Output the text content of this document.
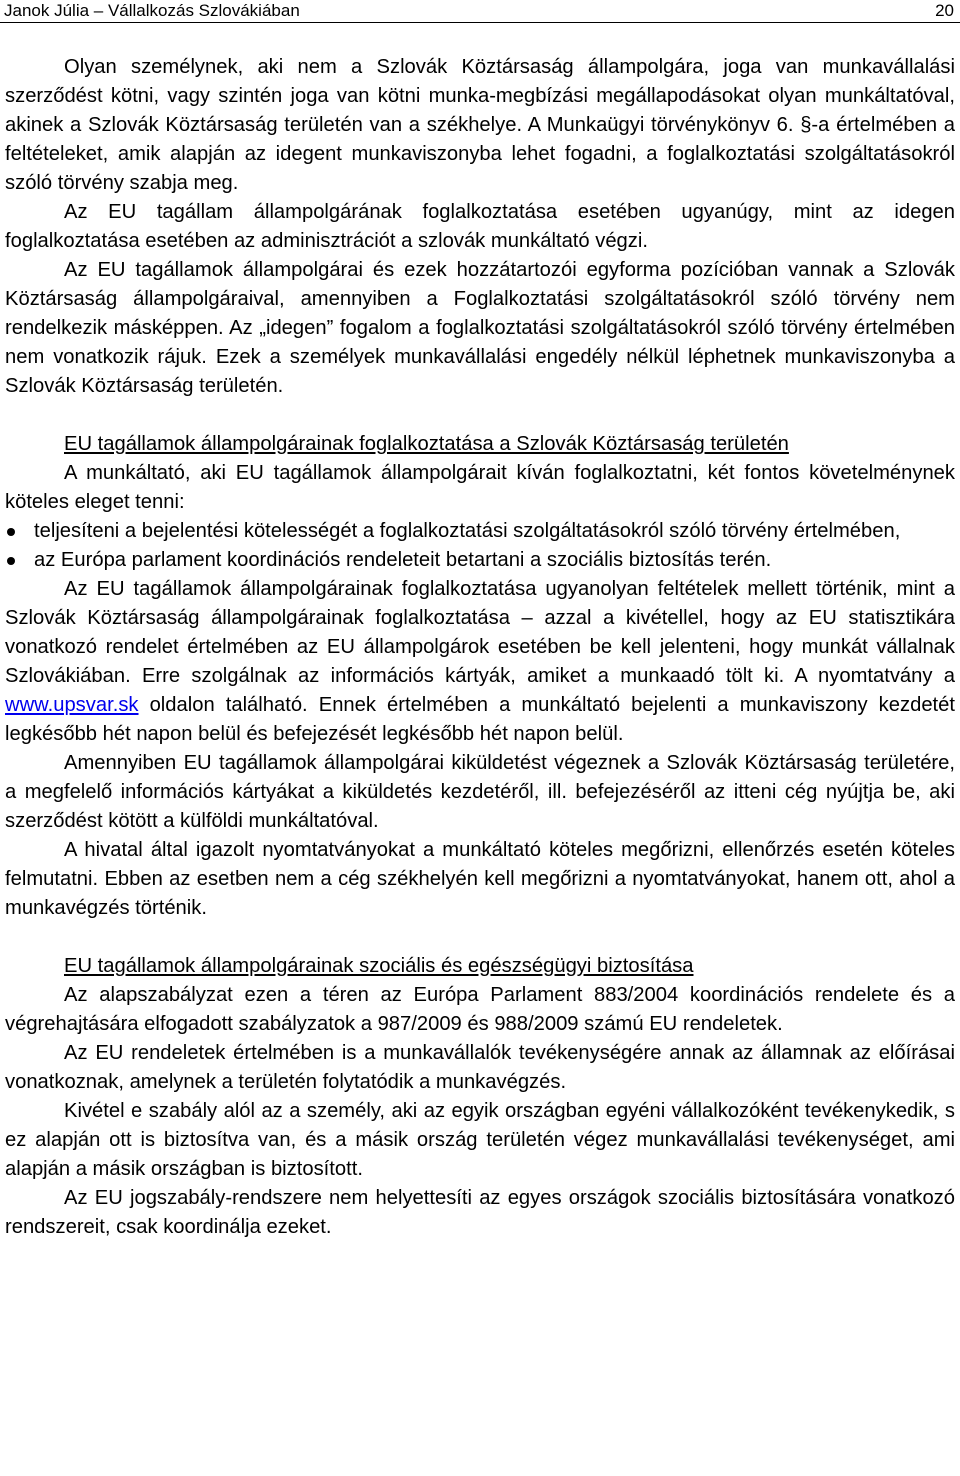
Janok Júlia – Vállalkozás Szlovákiában	20

Olyan személynek, aki nem a Szlovák Köztársaság állampolgára, joga van munkavállalási szerződést kötni, vagy szintén joga van kötni munka-megbízási megállapodásokat olyan munkáltatóval, akinek a Szlovák Köztársaság területén van a székhelye. A Munkaügyi törvénykönyv 6. §-a értelmében a feltételeket, amik alapján az idegent munkaviszonyba lehet fogadni, a foglalkoztatási szolgáltatásokról szóló törvény szabja meg.

Az EU tagállam állampolgárának foglalkoztatása esetében ugyanúgy, mint az idegen foglalkoztatása esetében az adminisztrációt a szlovák munkáltató végzi.

Az EU tagállamok állampolgárai és ezek hozzátartozói egyforma pozícióban vannak a Szlovák Köztársaság állampolgáraival, amennyiben a Foglalkoztatási szolgáltatásokról szóló törvény nem rendelkezik másképpen. Az „idegen” fogalom a foglalkoztatási szolgáltatásokról szóló törvény értelmében nem vonatkozik rájuk. Ezek a személyek munkavállalási engedély nélkül léphetnek munkaviszonyba a Szlovák Köztársaság területén.

EU tagállamok állampolgárainak foglalkoztatása a Szlovák Köztársaság területén

A munkáltató, aki EU tagállamok állampolgárait kíván foglalkoztatni, két fontos követelménynek köteles eleget tenni:

teljesíteni a bejelentési kötelességét a foglalkoztatási szolgáltatásokról szóló törvény értelmében,
az Európa parlament koordinációs rendeleteit betartani a szociális biztosítás terén.

Az EU tagállamok állampolgárainak foglalkoztatása ugyanolyan feltételek mellett történik, mint a Szlovák Köztársaság állampolgárainak foglalkoztatása – azzal a kivétellel, hogy az EU statisztikára vonatkozó rendelet értelmében az EU állampolgárok esetében be kell jelenteni, hogy munkát vállalnak Szlovákiában. Erre szolgálnak az információs kártyák, amiket a munkaadó tölt ki. A nyomtatvány a www.upsvar.sk oldalon található. Ennek értelmében a munkáltató bejelenti a munkaviszony kezdetét legkésőbb hét napon belül és befejezését legkésőbb hét napon belül.

Amennyiben EU tagállamok állampolgárai kiküldetést végeznek a Szlovák Köztársaság területére, a megfelelő információs kártyákat a kiküldetés kezdetéről, ill. befejezéséről az itteni cég nyújtja be, aki szerződést kötött a külföldi munkáltatóval.

A hivatal által igazolt nyomtatványokat a munkáltató köteles megőrizni, ellenőrzés esetén köteles felmutatni. Ebben az esetben nem a cég székhelyén kell megőrizni a nyomtatványokat, hanem ott, ahol a munkavégzés történik.

EU tagállamok állampolgárainak szociális és egészségügyi biztosítása

Az alapszabályzat ezen a téren az Európa Parlament 883/2004 koordinációs rendelete és a végrehajtására elfogadott szabályzatok a 987/2009 és 988/2009 számú EU rendeletek.

Az EU rendeletek értelmében is a munkavállalók tevékenységére annak az államnak az előírásai vonatkoznak, amelynek a területén folytatódik a munkavégzés.

Kivétel e szabály alól az a személy, aki az egyik országban egyéni vállalkozóként tevékenykedik, s ez alapján ott is biztosítva van, és a másik ország területén végez munkavállalási tevékenységet, ami alapján a másik országban is biztosított.

Az EU jogszabály-rendszere nem helyettesíti az egyes országok szociális biztosítására vonatkozó rendszereit, csak koordinálja ezeket.
